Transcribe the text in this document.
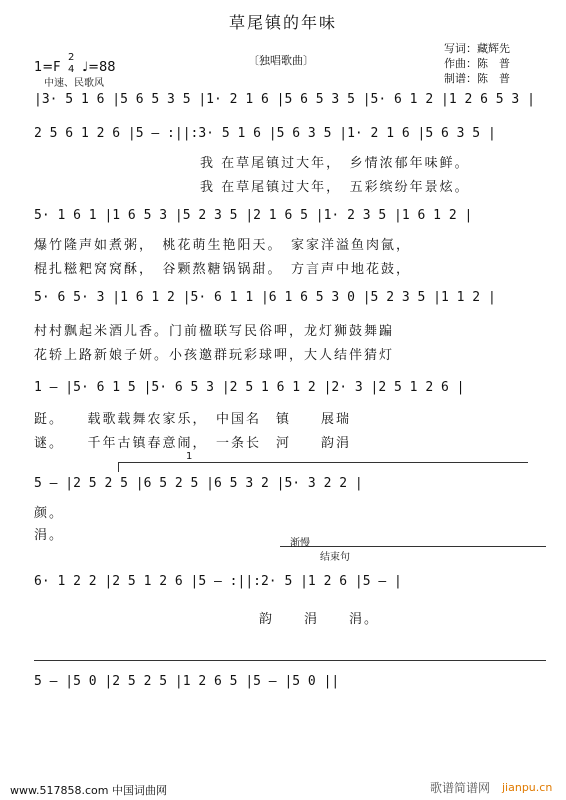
草尾镇的年味
〔独唱歌曲〕
写词：藏辉先
作曲：陈　普
制谱：陈　普
1=F
2
4 ♩=88
中速、民歌风
|3· 5 1 6 |5 6 5 3 5 |1· 2 1 6 |5 6 5 3 5 |5· 6 1 2 |1 2 6 5 3 |
2 5 6 1 2 6 |5 – :||:3· 5 1 6 |5 6 3 5 |1· 2 1 6 |5 6 3 5 |
我 在草尾镇过大年，　乡情浓郁年味鲜。
我 在草尾镇过大年，　五彩缤纷年景炫。
5· 1 6 1 |1 6 5 3 |5 2 3 5 |2 1 6 5 |1· 2 3 5 |1 6 1 2 |
爆竹隆声如煮粥，　桃花萌生艳阳天。　家家洋溢鱼肉氤，
棍扎糍粑窝窝酥，　谷颗熬糖锅锅甜。　方言声中地花鼓，
5· 6 5· 3 |1 6 1 2 |5· 6 1 1 |6 1 6 5 3 0 |5 2 3 5 |1 1 2 |
村村飘起米酒儿香。门前楹联写民俗呷，龙灯狮鼓舞蹁
花轿上路新娘子妍。小孩邀群玩彩球呷，大人结伴猜灯
1 – |5· 6 1 5 |5· 6 5 3 |2 5 1 6 1 2 |2· 3 |2 5 1 2 6 |
跹。　　载歌载舞农家乐，　中国名　镇　　展瑞
谜。　　千年古镇春意闹，　一条长　河　　韵涓
1
5 – |2 5 2 5 |6 5 2 5 |6 5 3 2 |5· 3 2 2 |
颜。
涓。
渐慢
结束句
6· 1 2 2 |2 5 1 2 6 |5 – :||:2· 5 |1 2 6 |5 – |
　　　　　　　　　　　　　　　韵　　涓　　涓。
5 – |5 0 |2 5 2 5 |1 2 6 5 |5 – |5 0 ||
www.517858.com 中国词曲网	歌谱简谱网 jianpu.cn
